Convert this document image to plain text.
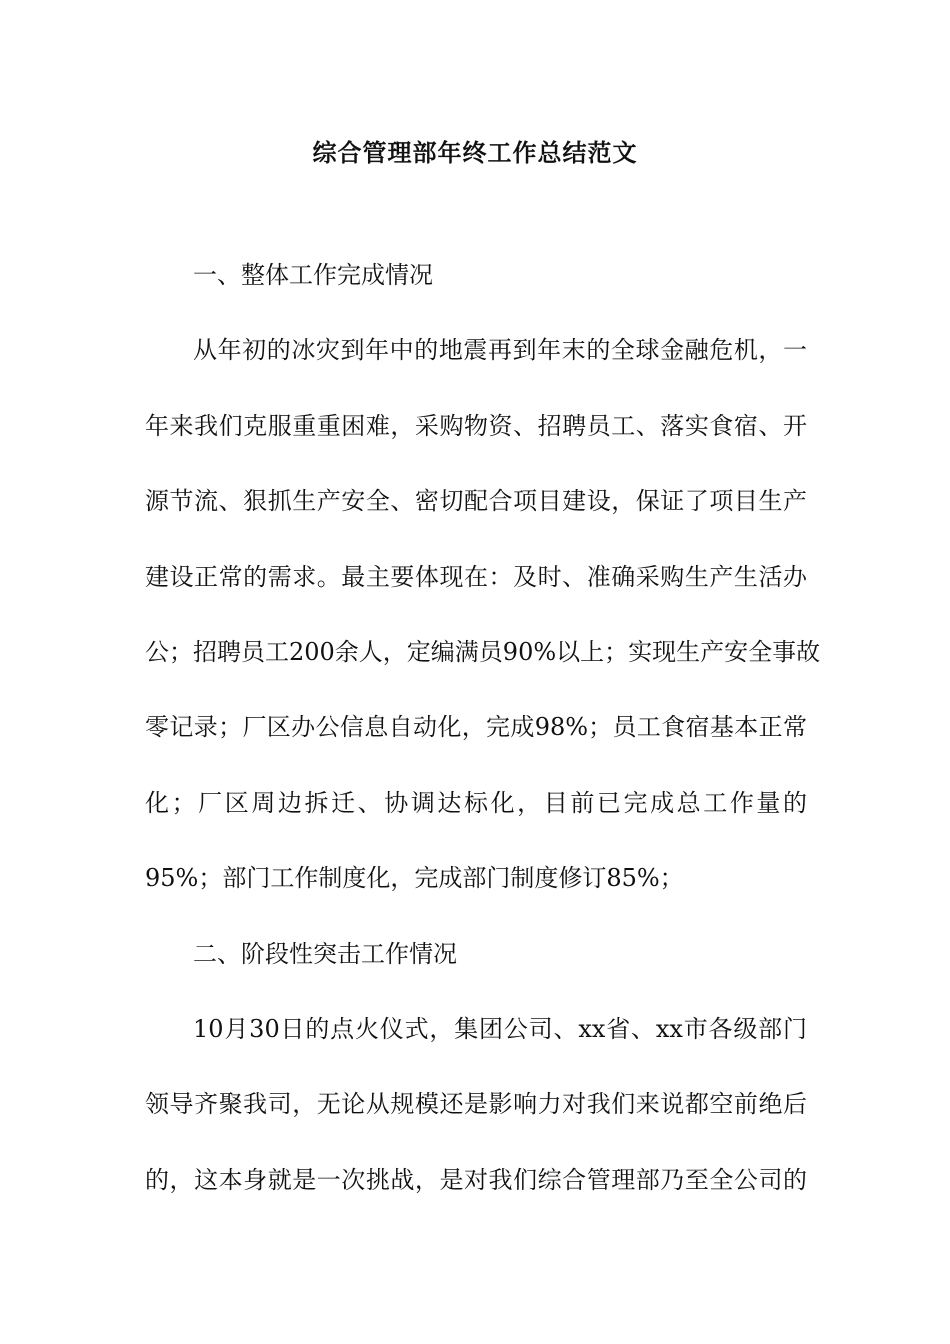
综合管理部年终工作总结范文
一、整体工作完成情况
从年初的冰灾到年中的地震再到年末的全球金融危机，一
年来我们克服重重困难，采购物资、招聘员工、落实食宿、开
源节流、狠抓生产安全、密切配合项目建设，保证了项目生产
建设正常的需求。最主要体现在：及时、准确采购生产生活办
公；招聘员工200余人，定编满员90%以上；实现生产安全事故
零记录；厂区办公信息自动化，完成98%；员工食宿基本正常
化；厂区周边拆迁、协调达标化，目前已完成总工作量的
95%；部门工作制度化，完成部门制度修订85%；
二、阶段性突击工作情况
10月30日的点火仪式，集团公司、xx省、xx市各级部门
领导齐聚我司，无论从规模还是影响力对我们来说都空前绝后
的，这本身就是一次挑战，是对我们综合管理部乃至全公司的
